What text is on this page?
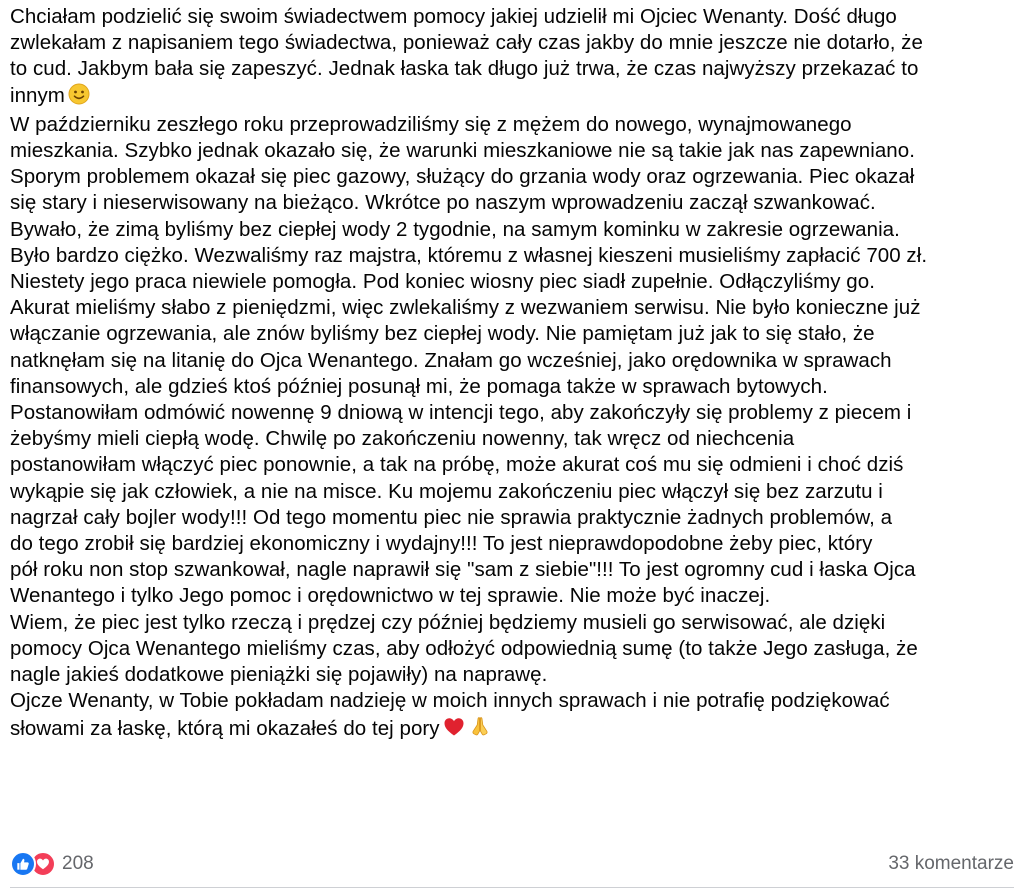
Chciałam podzielić się swoim świadectwem pomocy jakiej udzielił mi Ojciec Wenanty. Dość długo
zwlekałam z napisaniem tego świadectwa, ponieważ cały czas jakby do mnie jeszcze nie dotarło, że
to cud. Jakbym bała się zapeszyć. Jednak łaska tak długo już trwa, że czas najwyższy przekazać to
innym
W październiku zeszłego roku przeprowadziliśmy się z mężem do nowego, wynajmowanego
mieszkania. Szybko jednak okazało się, że warunki mieszkaniowe nie są takie jak nas zapewniano.
Sporym problemem okazał się piec gazowy, służący do grzania wody oraz ogrzewania. Piec okazał
się stary i nieserwisowany na bieżąco. Wkrótce po naszym wprowadzeniu zaczął szwankować.
Bywało, że zimą byliśmy bez ciepłej wody 2 tygodnie, na samym kominku w zakresie ogrzewania.
Było bardzo ciężko. Wezwaliśmy raz majstra, któremu z własnej kieszeni musieliśmy zapłacić 700 zł.
Niestety jego praca niewiele pomogła. Pod koniec wiosny piec siadł zupełnie. Odłączyliśmy go.
Akurat mieliśmy słabo z pieniędzmi, więc zwlekaliśmy z wezwaniem serwisu. Nie było konieczne już
włączanie ogrzewania, ale znów byliśmy bez ciepłej wody. Nie pamiętam już jak to się stało, że
natknęłam się na litanię do Ojca Wenantego. Znałam go wcześniej, jako orędownika w sprawach
finansowych, ale gdzieś ktoś później posunął mi, że pomaga także w sprawach bytowych.
Postanowiłam odmówić nowennę 9 dniową w intencji tego, aby zakończyły się problemy z piecem i
żebyśmy mieli ciepłą wodę. Chwilę po zakończeniu nowenny, tak wręcz od niechcenia
postanowiłam włączyć piec ponownie, a tak na próbę, może akurat coś mu się odmieni i choć dziś
wykąpie się jak człowiek, a nie na misce. Ku mojemu zakończeniu piec włączył się bez zarzutu i
nagrzał cały bojler wody!!! Od tego momentu piec nie sprawia praktycznie żadnych problemów, a
do tego zrobił się bardziej ekonomiczny i wydajny!!! To jest nieprawdopodobne żeby piec, który
pół roku non stop szwankował, nagle naprawił się "sam z siebie"!!! To jest ogromny cud i łaska Ojca
Wenantego i tylko Jego pomoc i orędownictwo w tej sprawie. Nie może być inaczej.
Wiem, że piec jest tylko rzeczą i prędzej czy później będziemy musieli go serwisować, ale dzięki
pomocy Ojca Wenantego mieliśmy czas, aby odłożyć odpowiednią sumę (to także Jego zasługa, że
nagle jakieś dodatkowe pieniążki się pojawiły) na naprawę.
Ojcze Wenanty, w Tobie pokładam nadzieję w moich innych sprawach i nie potrafię podziękować
słowami za łaskę, którą mi okazałeś do tej pory
208	33 komentarze
